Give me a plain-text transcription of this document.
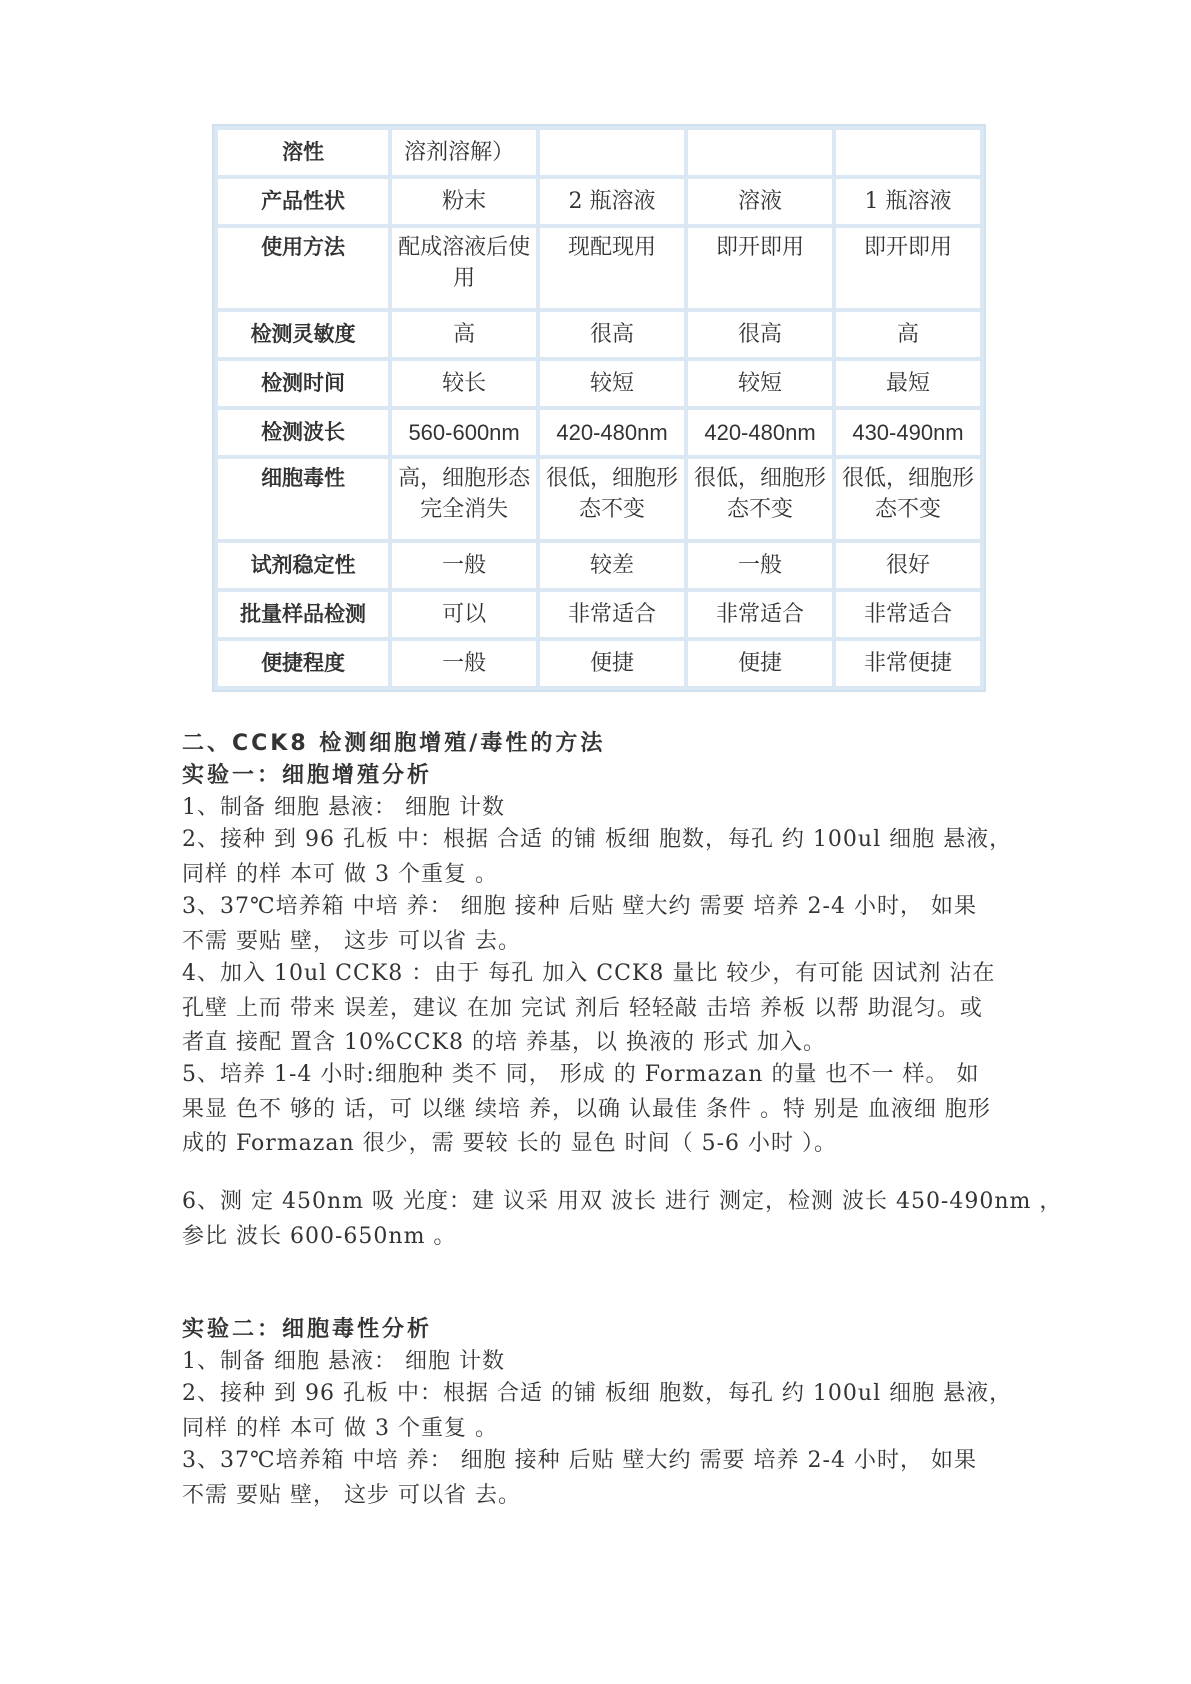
溶性	溶剂溶解）			
产品性状	粉末	2 瓶溶液	溶液	1 瓶溶液
使用方法	配成溶液后使用	现配现用	即开即用	即开即用
检测灵敏度	高	很高	很高	高
检测时间	较长	较短	较短	最短
检测波长	560-600nm	420-480nm	420-480nm	430-490nm
细胞毒性	高，细胞形态完全消失	很低，细胞形态不变	很低，细胞形态不变	很低，细胞形态不变
试剂稳定性	一般	较差	一般	很好
批量样品检测	可以	非常适合	非常适合	非常适合
便捷程度	一般	便捷	便捷	非常便捷
二、CCK8 检测细胞增殖/毒性的方法
实验一：细胞增殖分析
1、制备 细胞 悬液： 细胞 计数
2、接种 到 96 孔板 中：根据 合适 的铺 板细 胞数，每孔 约 100ul 细胞 悬液，
同样 的样 本可 做 3 个重复 。
3、37℃培养箱 中培 养： 细胞 接种 后贴 壁大约 需要 培养 2-4 小时， 如果
不需 要贴 壁， 这步 可以省 去。
4、加入 10ul CCK8 ：由于 每孔 加入 CCK8 量比 较少，有可能 因试剂 沾在
孔壁 上而 带来 误差，建议 在加 完试 剂后 轻轻敲 击培 养板 以帮 助混匀。或
者直 接配 置含 10%CCK8 的培 养基，以 换液的 形式 加入。
5、培养 1-4 小时:细胞种 类不 同， 形成 的 Formazan 的量 也不一 样。 如
果显 色不 够的 话，可 以继 续培 养，以确 认最佳 条件 。特 别是 血液细 胞形
成的 Formazan 很少，需 要较 长的 显色 时间（ 5-6 小时 ）。
6、测 定 450nm 吸 光度：建 议采 用双 波长 进行 测定，检测 波长 450-490nm ，
参比 波长 600-650nm 。
实验二：细胞毒性分析
1、制备 细胞 悬液： 细胞 计数
2、接种 到 96 孔板 中：根据 合适 的铺 板细 胞数，每孔 约 100ul 细胞 悬液，
同样 的样 本可 做 3 个重复 。
3、37℃培养箱 中培 养： 细胞 接种 后贴 壁大约 需要 培养 2-4 小时， 如果
不需 要贴 壁， 这步 可以省 去。
